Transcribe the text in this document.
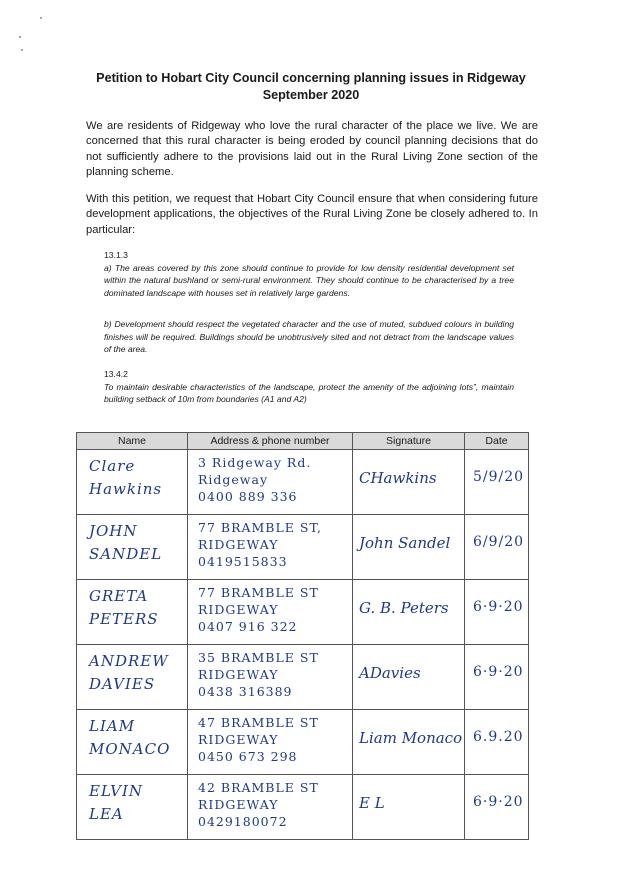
Petition to Hobart City Council concerning planning issues in Ridgeway
September 2020

We are residents of Ridgeway who love the rural character of the place we live. We are concerned that this rural character is being eroded by council planning decisions that do not sufficiently adhere to the provisions laid out in the Rural Living Zone section of the planning scheme.

With this petition, we request that Hobart City Council ensure that when considering future development applications, the objectives of the Rural Living Zone be closely adhered to. In particular:

13.1.3
a) The areas covered by this zone should continue to provide for low density residential development set within the natural bushland or semi-rural environment. They should continue to be characterised by a tree dominated landscape with houses set in relatively large gardens.
b) Development should respect the vegetated character and the use of muted, subdued colours in building finishes will be required. Buildings should be unobtrusively sited and not detract from the landscape values of the area.
13.4.2
To maintain desirable characteristics of the landscape, protect the amenity of the adjoining lots”, maintain building setback of 10m from boundaries (A1 and A2)
Name	Address & phone number	Signature	Date

Clare
Hawkins	3 Ridgeway Rd.
Ridgeway
0400 889 336	CHawkins	5/9/20

JOHN
SANDEL	77 BRAMBLE ST,
RIDGEWAY
0419515833	John Sandel	6/9/20

GRETA
PETERS	77 BRAMBLE ST
RIDGEWAY
0407 916 322	G. B. Peters	6·9·20

ANDREW
DAVIES	35 BRAMBLE ST
RIDGEWAY
0438 316389	ADavies	6·9·20

LIAM
MONACO	47 BRAMBLE ST
RIDGEWAY
0450 673 298	Liam Monaco	6.9.20

ELVIN
LEA	42 BRAMBLE ST
RIDGEWAY
0429180072	E L	6·9·20
